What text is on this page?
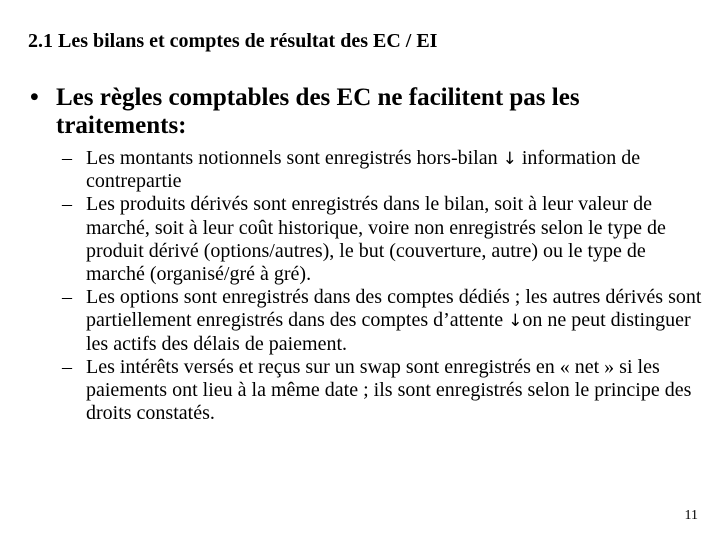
2.1 Les bilans et comptes de résultat des EC / EI
• Les règles comptables des EC ne facilitent pas les traitements:

– Les montants notionnels sont enregistrés hors-bilan ↓ information de contrepartie

– Les produits dérivés sont enregistrés dans le bilan, soit à leur valeur de marché, soit à leur coût historique, voire non enregistrés selon le type de produit dérivé (options/autres), le but (couverture, autre) ou le type de marché (organisé/gré à gré).

– Les options sont enregistrés dans des comptes dédiés ; les autres dérivés sont partiellement enregistrés dans des comptes d’attente ↓on ne peut distinguer les actifs des délais de paiement.

– Les intérêts versés et reçus sur un swap sont enregistrés en « net » si les paiements ont lieu à la même date ; ils sont enregistrés selon le principe des droits constatés.

11
